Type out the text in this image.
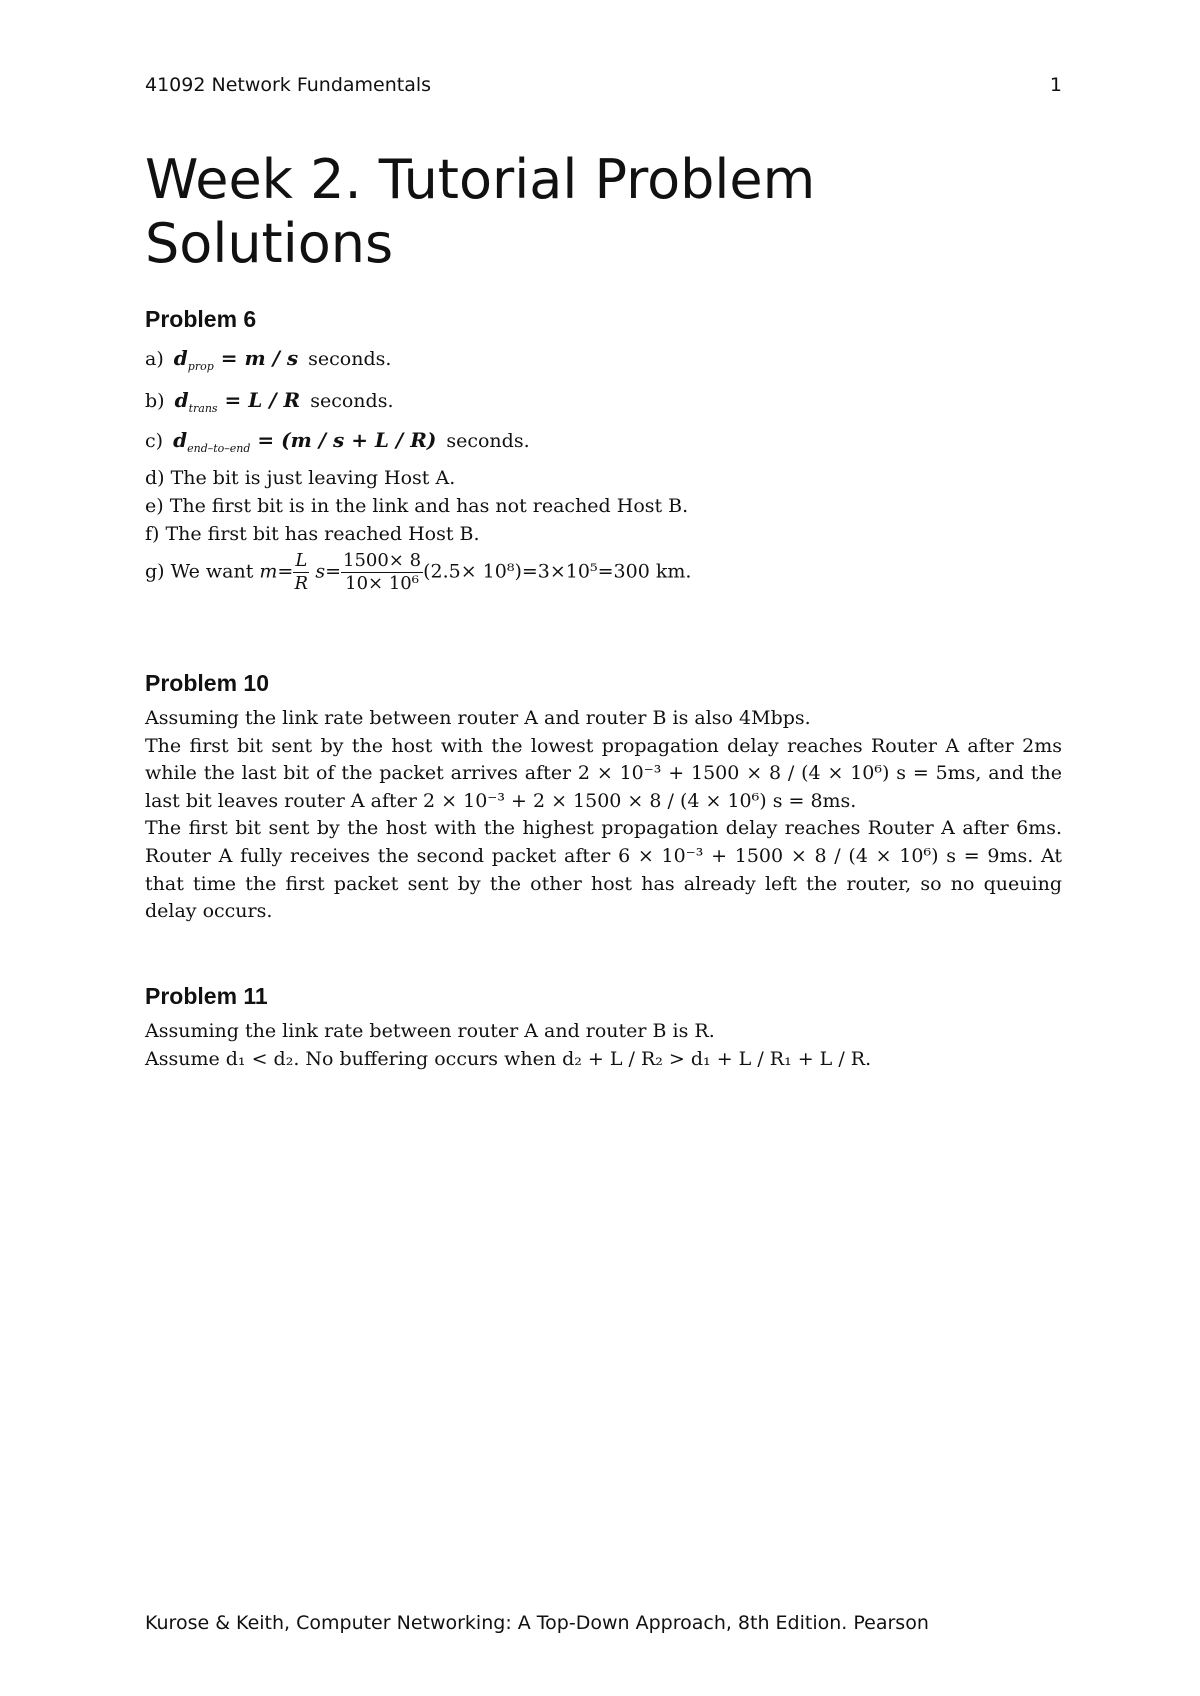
41092 Network Fundamentals	1
Week 2. Tutorial Problem Solutions
Problem 6
a) $d_{prop} = m / s$ seconds.
b) $d_{trans} = L / R$ seconds.
c) $d_{end-to-end} = (m / s + L / R)$ seconds.
d) The bit is just leaving Host A.
e) The first bit is in the link and has not reached Host B.
f) The first bit has reached Host B.
g) We want $m= \frac{L}{R} s= \frac{1500\times 8}{\text{10× 10⁶}} (2.5\times 10^8)=3\times 10^5=300$ km.
Problem 10

Assuming the link rate between router A and router B is also 4Mbps.

The first bit sent by the host with the lowest propagation delay reaches Router A after 2ms while the last bit of the packet arrives after 2 × 10⁻³ + 1500 × 8 / (4 × 10⁶) s = 5ms, and the last bit leaves router A after 2 × 10⁻³ + 2 × 1500 × 8 / (4 × 10⁶) s = 8ms.

The first bit sent by the host with the highest propagation delay reaches Router A after 6ms. Router A fully receives the second packet after 6 × 10⁻³ + 1500 × 8 / (4 × 10⁶) s = 9ms. At that time the first packet sent by the other host has already left the router, so no queuing delay occurs.

Problem 11
Assuming the link rate between router A and router B is R.
Assume d₁ < d₂. No buffering occurs when d₂ + L / R₂ > d₁ + L / R₁ + L / R.
Kurose & Keith, Computer Networking: A Top-Down Approach, 8th Edition. Pearson
